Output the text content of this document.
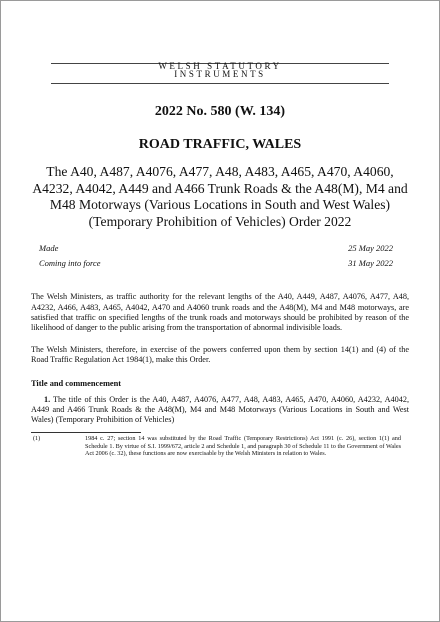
WELSH STATUTORY
INSTRUMENTS
2022 No. 580 (W. 134)
ROAD TRAFFIC, WALES
The A40, A487, A4076, A477, A48, A483, A465, A470, A4060, A4232, A4042, A449 and A466 Trunk Roads & the A48(M), M4 and M48 Motorways (Various Locations in South and West Wales) (Temporary Prohibition of Vehicles) Order 2022
Made	25 May 2022
Coming into force	31 May 2022
The Welsh Ministers, as traffic authority for the relevant lengths of the A40, A449, A487, A4076, A477, A48, A4232, A466, A483, A465, A4042, A470 and A4060 trunk roads and the A48(M), M4 and M48 motorways, are satisfied that traffic on specified lengths of the trunk roads and motorways should be prohibited by reason of the likelihood of danger to the public arising from the transportation of abnormal indivisible loads.
The Welsh Ministers, therefore, in exercise of the powers conferred upon them by section 14(1) and (4) of the Road Traffic Regulation Act 1984(1), make this Order.
Title and commencement
1. The title of this Order is the A40, A487, A4076, A477, A48, A483, A465, A470, A4060, A4232, A4042, A449 and A466 Trunk Roads & the A48(M), M4 and M48 Motorways (Various Locations in South and West Wales) (Temporary Prohibition of Vehicles)
(1)	1984 c. 27; section 14 was substituted by the Road Traffic (Temporary Restrictions) Act 1991 (c. 26), section 1(1) and Schedule 1. By virtue of S.I. 1999/672, article 2 and Schedule 1, and paragraph 30 of Schedule 11 to the Government of Wales Act 2006 (c. 32), these functions are now exercisable by the Welsh Ministers in relation to Wales.
